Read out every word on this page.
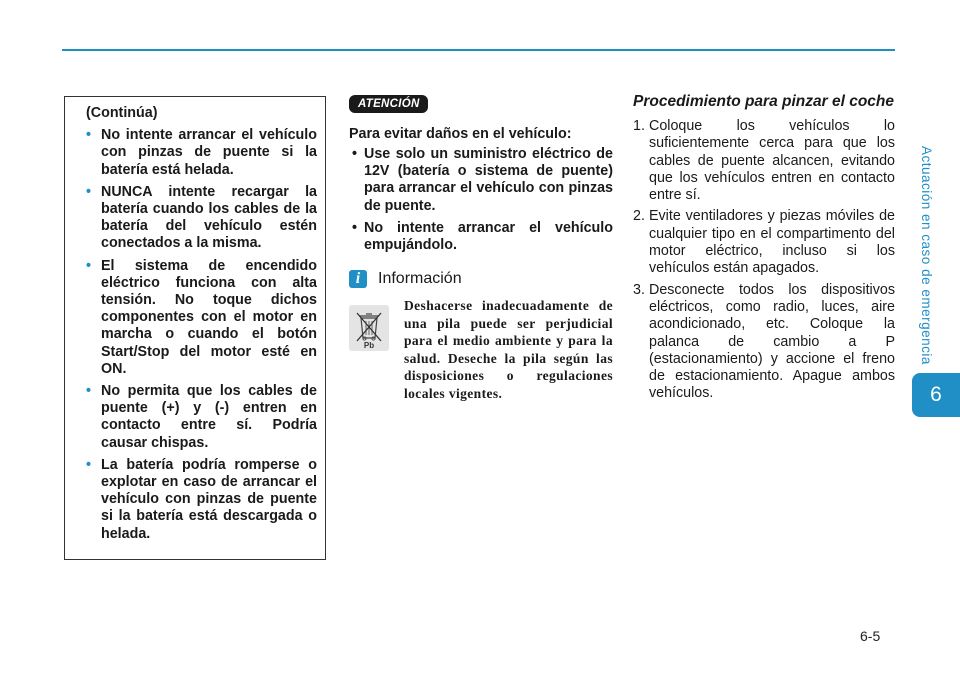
Actuación en caso de emergencia
6
6-5
(Continúa)
• No intente arrancar el vehículo con pinzas de puente si la batería está helada.
• NUNCA intente recargar la batería cuando los cables de la batería del vehículo estén conectados a la misma.
• El sistema de encendido eléctrico funciona con alta tensión. No toque dichos componentes con el motor en marcha o cuando el botón Start/Stop del motor esté en ON.
• No permita que los cables de puente (+) y (-) entren en contacto entre sí. Podría causar chispas.
• La batería podría romperse o explotar en caso de arrancar el vehículo con pinzas de puente si la batería está descargada o helada.
ATENCIÓN
Para evitar daños en el vehículo:
• Use solo un suministro eléctrico de 12V (batería o sistema de puente) para arrancar el vehículo con pinzas de puente.
• No intente arrancar el vehículo empujándolo.
i	Información
Pb
Deshacerse inadecuadamente de una pila puede ser perjudicial para el medio ambiente y para la salud. Deseche la pila según las disposiciones o regulaciones locales vigentes.
Procedimiento para pinzar el coche
1. Coloque los vehículos lo suficientemente cerca para que los cables de puente alcancen, evitando que los vehículos entren en contacto entre sí.
2. Evite ventiladores y piezas móviles de cualquier tipo en el compartimento del motor eléctrico, incluso si los vehículos están apagados.
3. Desconecte todos los dispositivos eléctricos, como radio, luces, aire acondicionado, etc. Coloque la palanca de cambio a P (estacionamiento) y accione el freno de estacionamiento. Apague ambos vehículos.
